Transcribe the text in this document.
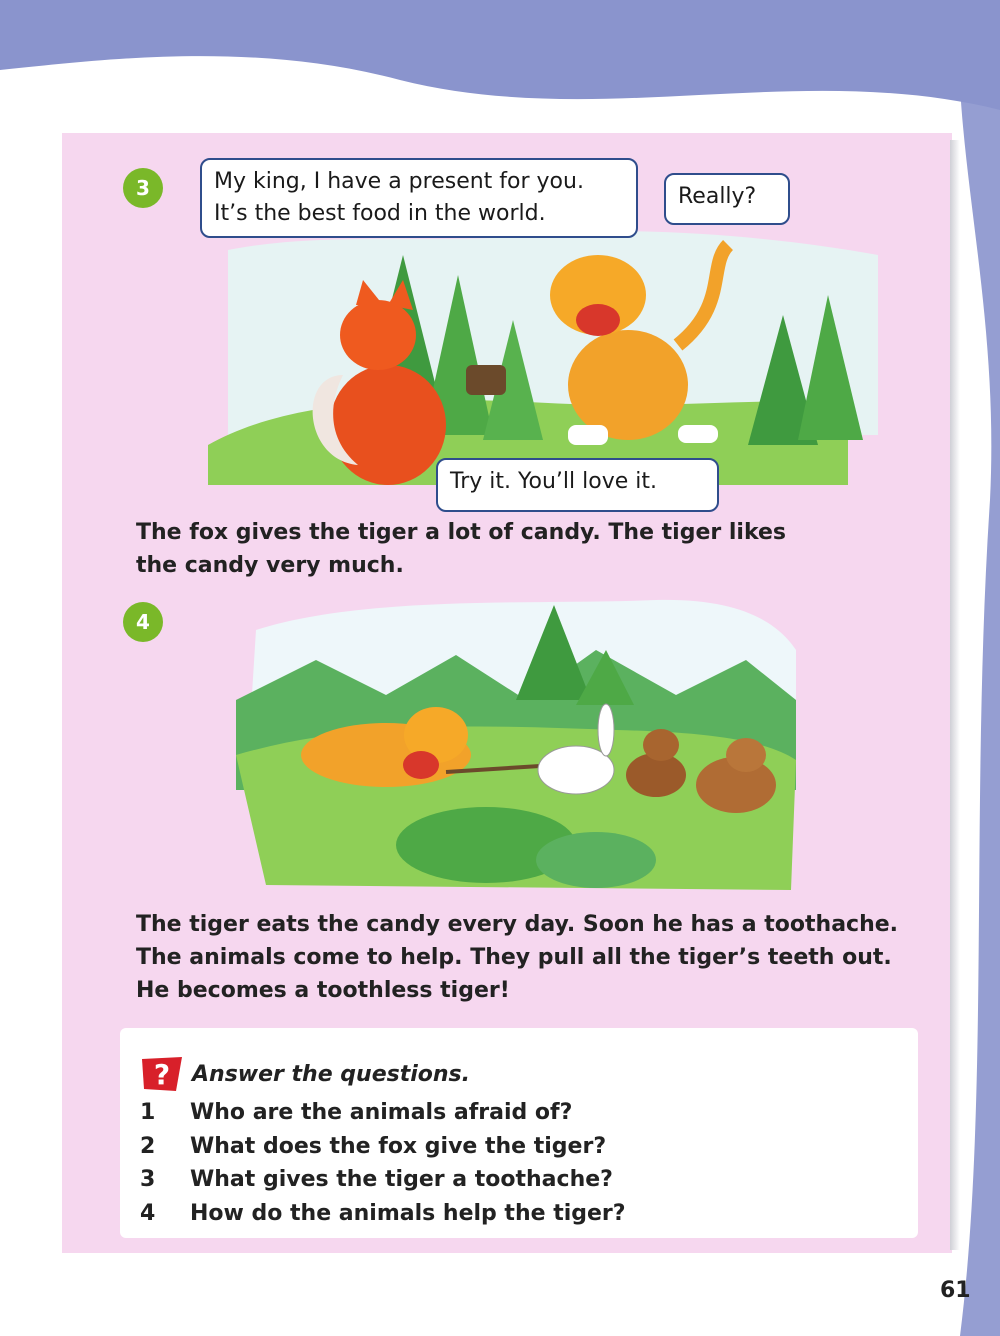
3	My king, I have a present for you.
It’s the best food in the world.
Really?
Try it. You’ll love it.
The fox gives the tiger a lot of candy. The tiger likes
the candy very much.
4
The tiger eats the candy every day. Soon he has a toothache.
The animals come to help. They pull all the tiger’s teeth out.
He becomes a toothless tiger!
? Answer the questions.
1	Who are the animals afraid of?
2	What does the fox give the tiger?
3	What gives the tiger a toothache?
4	How do the animals help the tiger?
61
